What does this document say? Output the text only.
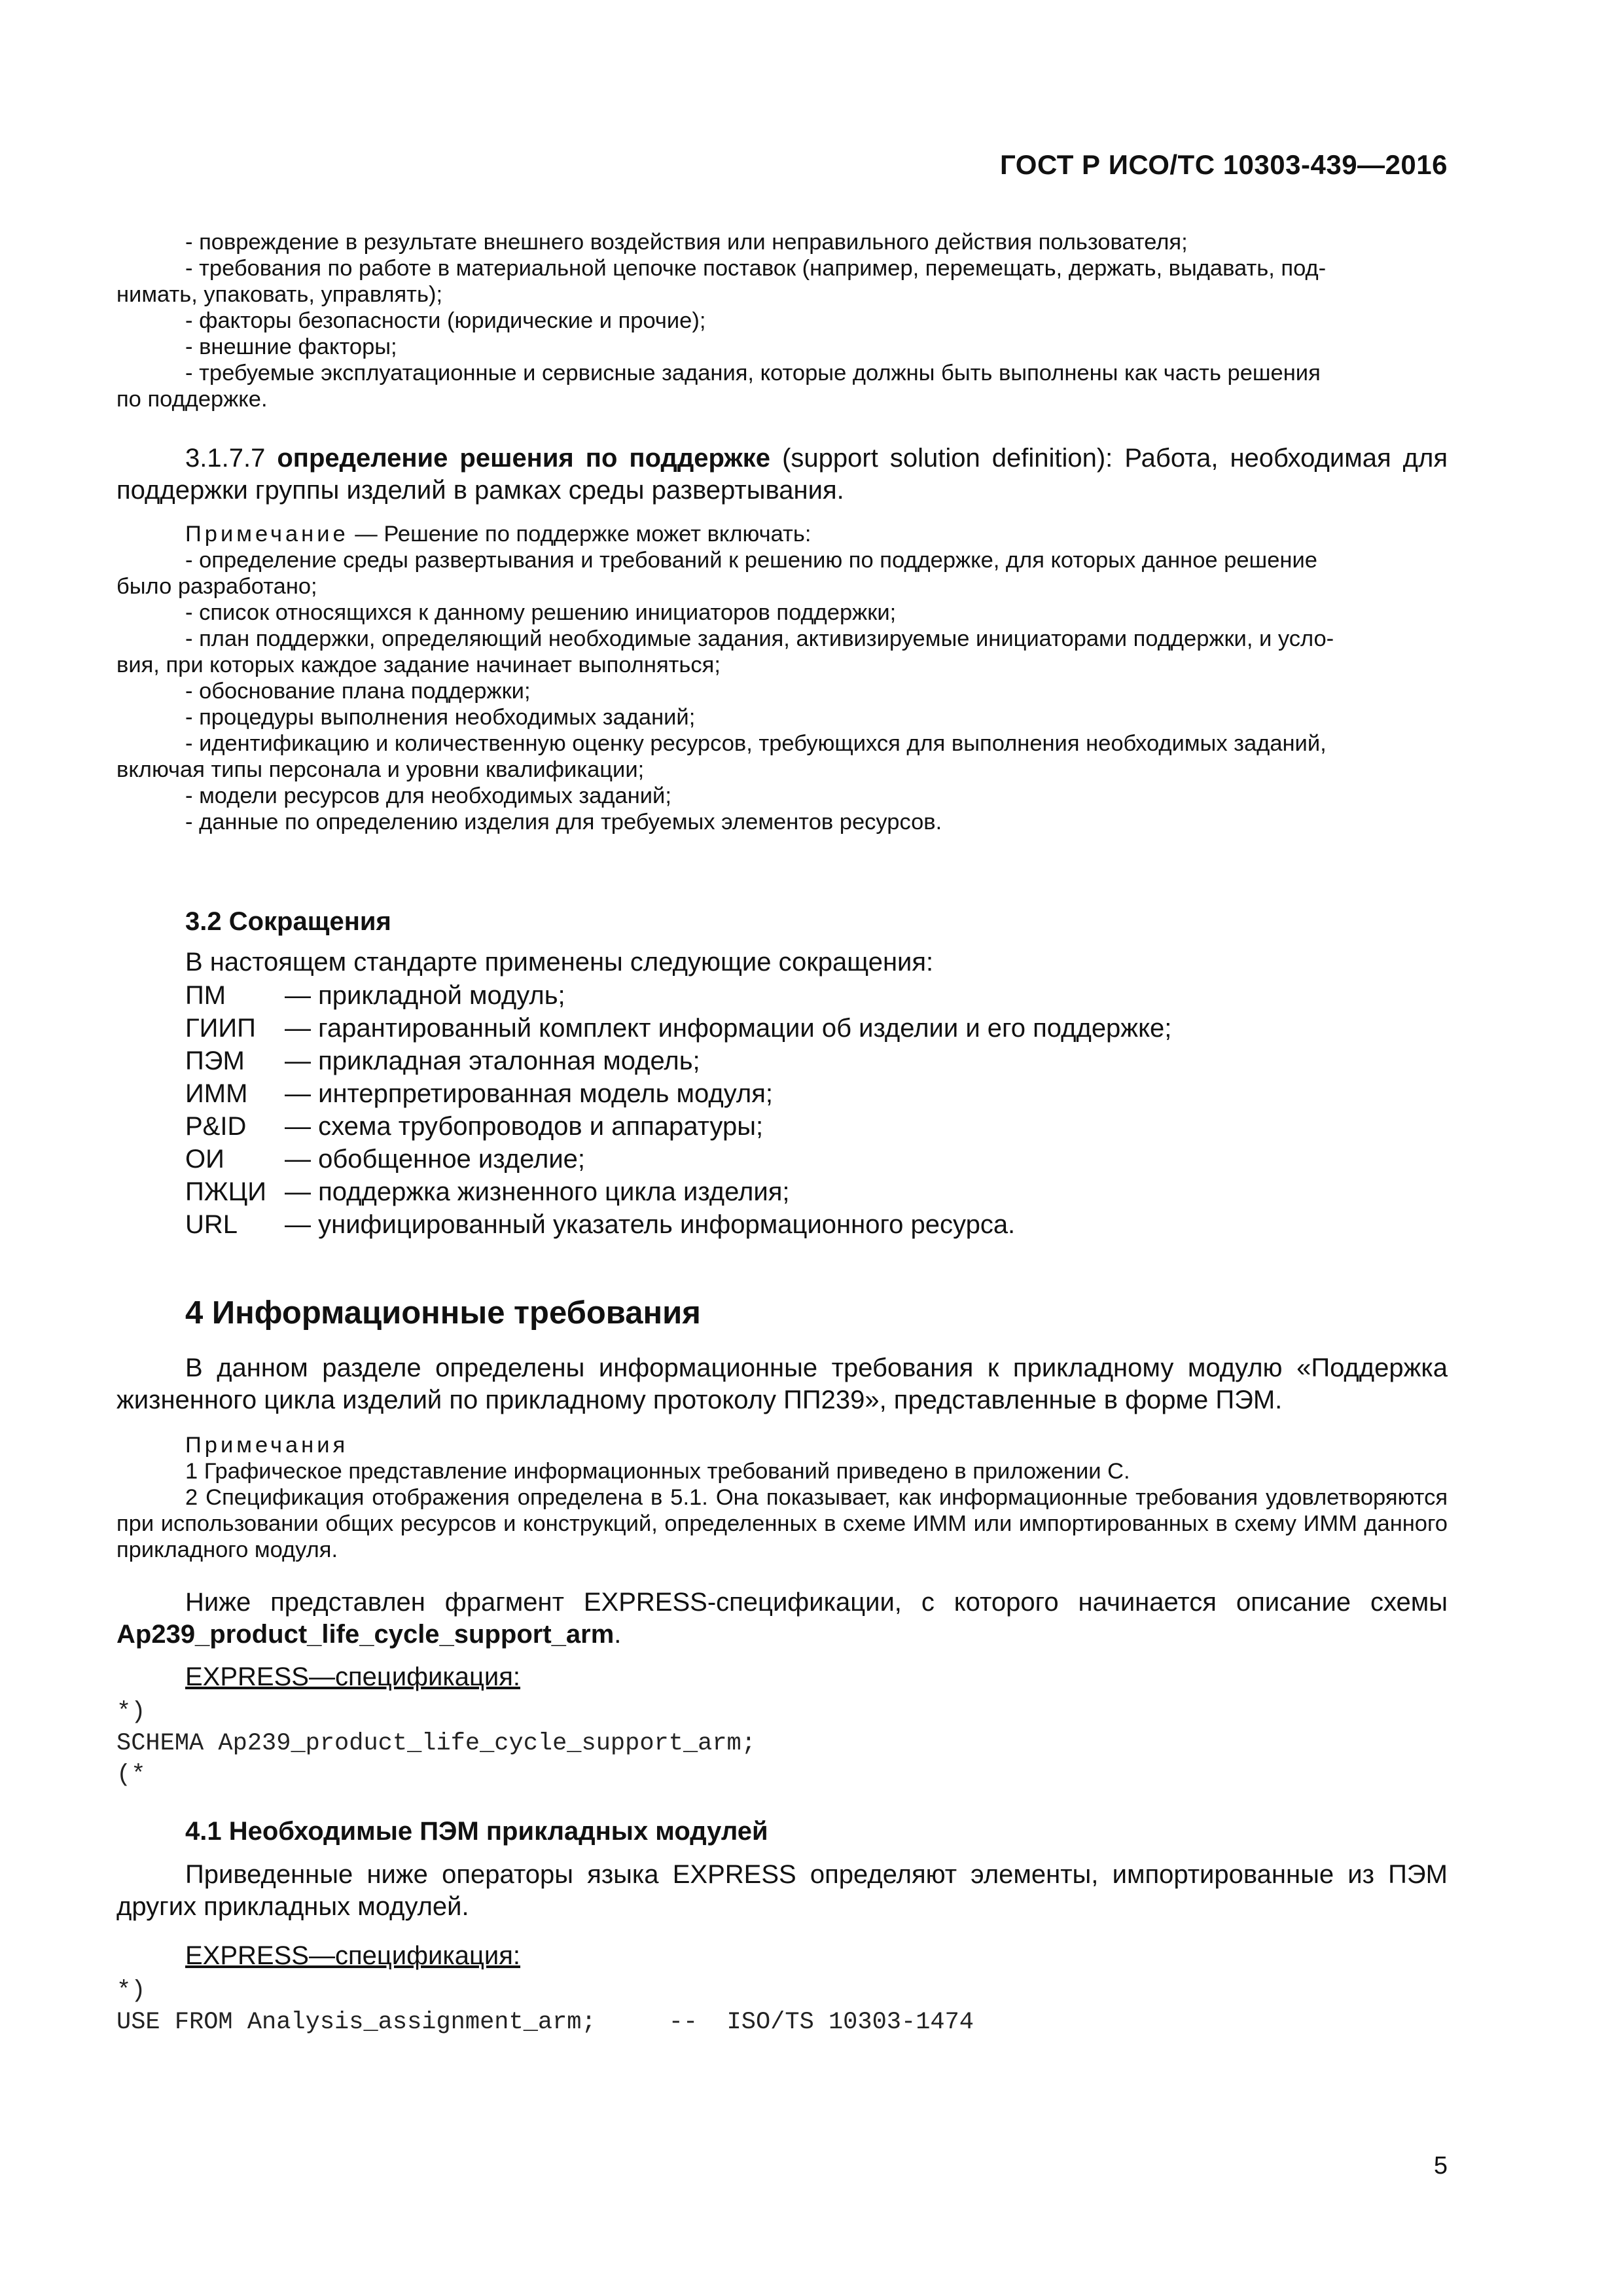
ГОСТ Р ИСО/ТС 10303-439—2016

- повреждение в результате внешнего воздействия или неправильного действия пользователя;

- требования по работе в материальной цепочке поставок (например, перемещать, держать, выдавать, под-

нимать, упаковать, управлять);

- факторы безопасности (юридические и прочие);

- внешние факторы;

- требуемые эксплуатационные и сервисные задания, которые должны быть выполнены как часть решения

по поддержке.

3.1.7.7 определение решения по поддержке (support solution definition): Работа, необходимая для поддержки группы изделий в рамках среды развертывания.

Примечание — Решение по поддержке может включать:

- определение среды развертывания и требований к решению по поддержке, для которых данное решение

было разработано;

- список относящихся к данному решению инициаторов поддержки;

- план поддержки, определяющий необходимые задания, активизируемые инициаторами поддержки, и усло-

вия, при которых каждое задание начинает выполняться;

- обоснование плана поддержки;

- процедуры выполнения необходимых заданий;

- идентификацию и количественную оценку ресурсов, требующихся для выполнения необходимых заданий,

включая типы персонала и уровни квалификации;

- модели ресурсов для необходимых заданий;

- данные по определению изделия для требуемых элементов ресурсов.

3.2 Сокращения
В настоящем стандарте применены следующие сокращения:
ПМ	— прикладной модуль;
ГИИП	— гарантированный комплект информации об изделии и его поддержке;
ПЭМ	— прикладная эталонная модель;
ИММ	— интерпретированная модель модуля;
P&ID	— схема трубопроводов и аппаратуры;
ОИ	— обобщенное изделие;
ПЖЦИ — поддержка жизненного цикла изделия;
URL	— унифицированный указатель информационного ресурса.
4 Информационные требования

В данном разделе определены информационные требования к прикладному модулю «Поддержка жизненного цикла изделий по прикладному протоколу ПП239», представленные в форме ПЭМ.

Примечания

1 Графическое представление информационных требований приведено в приложении С.

2 Спецификация отображения определена в 5.1. Она показывает, как информационные требования удовлетворяются при использовании общих ресурсов и конструкций, определенных в схеме ИММ или импортированных в схему ИММ данного прикладного модуля.

Ниже представлен фрагмент EXPRESS-спецификации, с которого начинается описание схемы Ap239_product_life_cycle_support_arm.

EXPRESS—спецификация:
*)
SCHEMA Ap239_product_life_cycle_support_arm;
(*
4.1 Необходимые ПЭМ прикладных модулей

Приведенные ниже операторы языка EXPRESS определяют элементы, импортированные из ПЭМ других прикладных модулей.

EXPRESS—спецификация:
*)
USE FROM Analysis_assignment_arm;     --  ISO/TS 10303-1474
5
